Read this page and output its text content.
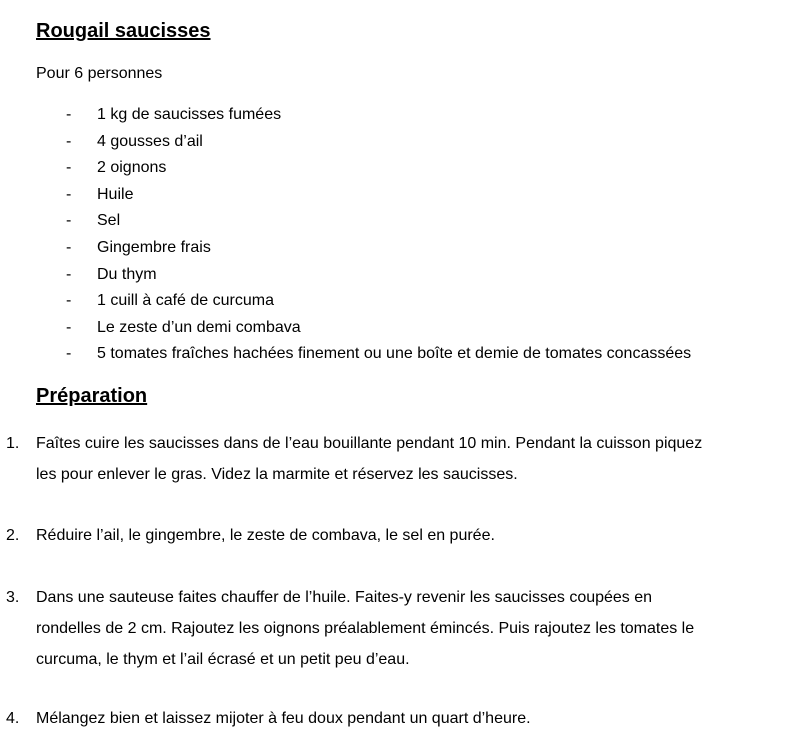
Rougail saucisses
Pour 6 personnes
- 1 kg de saucisses fumées
- 4 gousses d’ail
- 2 oignons
- Huile
- Sel
- Gingembre frais
- Du thym
- 1 cuill à café de curcuma
- Le zeste d’un demi combava
- 5 tomates fraîches hachées finement ou une boîte et demie de tomates concassées
Préparation
1. Faîtes cuire les saucisses dans de l’eau bouillante pendant 10 min. Pendant la cuisson piquez
les pour enlever le gras. Videz la marmite et réservez les saucisses.
2. Réduire l’ail, le gingembre, le zeste de combava, le sel en purée.
3. Dans une sauteuse faites chauffer de l’huile. Faites-y revenir les saucisses coupées en
rondelles de 2 cm. Rajoutez les oignons préalablement émincés. Puis rajoutez les tomates le
curcuma, le thym et l’ail écrasé et un petit peu d’eau.
4. Mélangez bien et laissez mijoter à feu doux pendant un quart d’heure.
